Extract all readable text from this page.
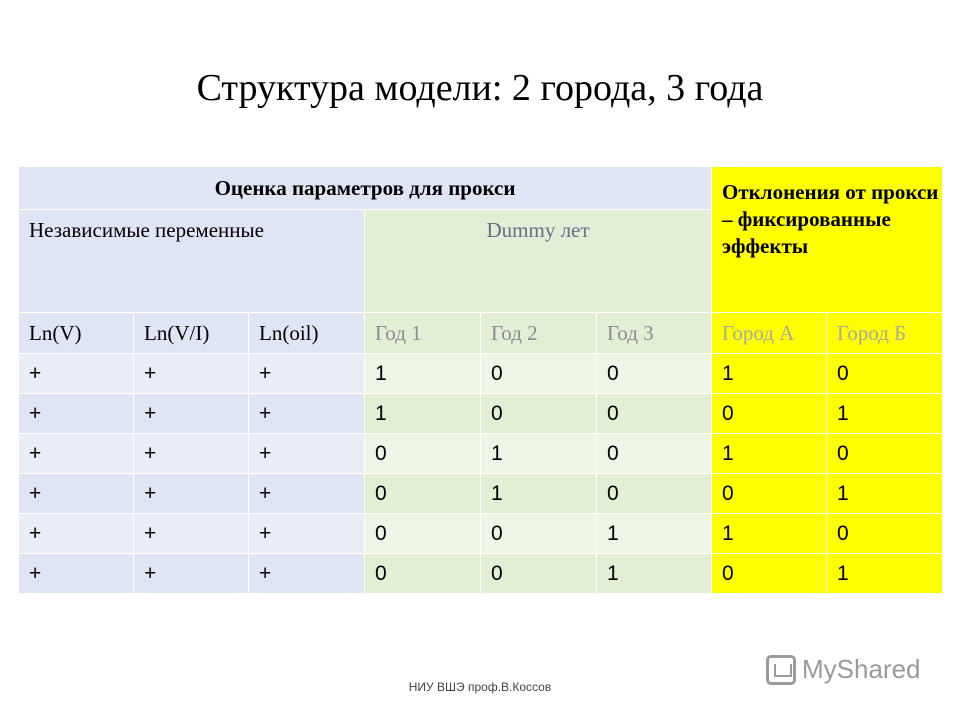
Структура модели: 2 города, 3 года
Оценка параметров для прокси						Отклонения от прокси – фиксированные эффекты	
Независимые переменные			Dummy лет				
Ln(V)	Ln(V/I)	Ln(oil)	Год 1	Год 2	Год 3	Город А	Город Б
+	+	+	1	0	0	1	0
+	+	+	1	0	0	0	1
+	+	+	0	1	0	1	0
+	+	+	0	1	0	0	1
+	+	+	0	0	1	1	0
+	+	+	0	0	1	0	1
MyShared
НИУ ВШЭ проф.В.Коссов
